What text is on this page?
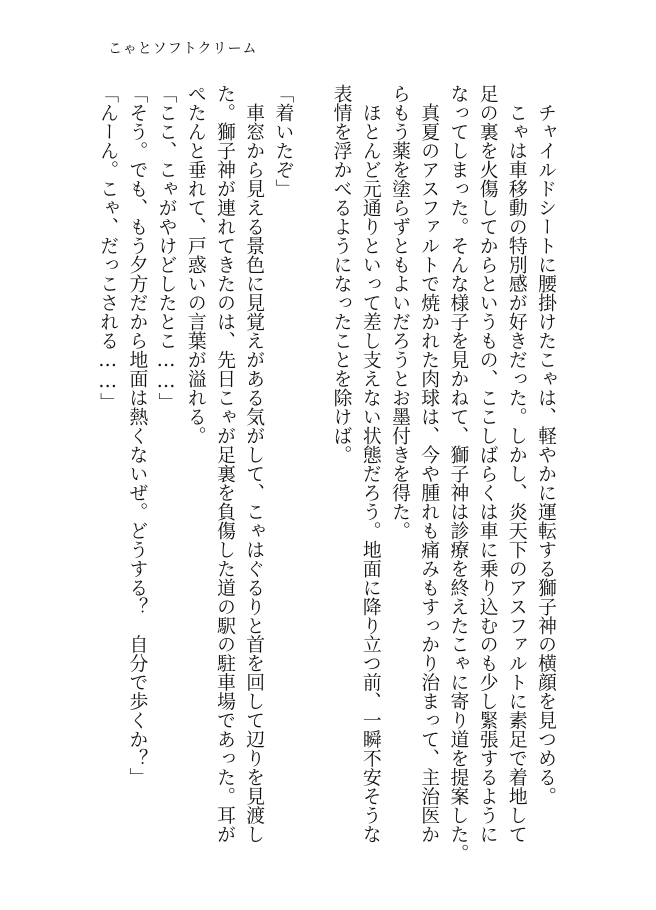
こゃとソフトクリーム

　チャイルドシートに腰掛けたこゃは、軽やかに運転する獅子神の横顔を見つめる。
　こゃは車移動の特別感が好きだった。しかし、炎天下のアスファルトに素足で着地して
足の裏を火傷してからというもの、ここしばらくは車に乗り込むのも少し緊張するように
なってしまった。そんな様子を見かねて、獅子神は診療を終えたこゃに寄り道を提案した。
　真夏のアスファルトで焼かれた肉球は、今や腫れも痛みもすっかり治まって、主治医か
らもう薬を塗らずともよいだろうとお墨付きを得た。
　ほとんど元通りといって差し支えない状態だろう。地面に降り立つ前、一瞬不安そうな
表情を浮かべるようになったことを除けば。

「着いたぞ」
　車窓から見える景色に見覚えがある気がして、こゃはぐるりと首を回して辺りを見渡し
た。獅子神が連れてきたのは、先日こゃが足裏を負傷した道の駅の駐車場であった。耳が
ぺたんと垂れて、戸惑いの言葉が溢れる。
「ここ、こゃがやけどしたとこ……」
「そう。でも、もう夕方だから地面は熱くないぜ。どうする？　自分で歩くか？」
「んーん。こゃ、だっこされる……」
